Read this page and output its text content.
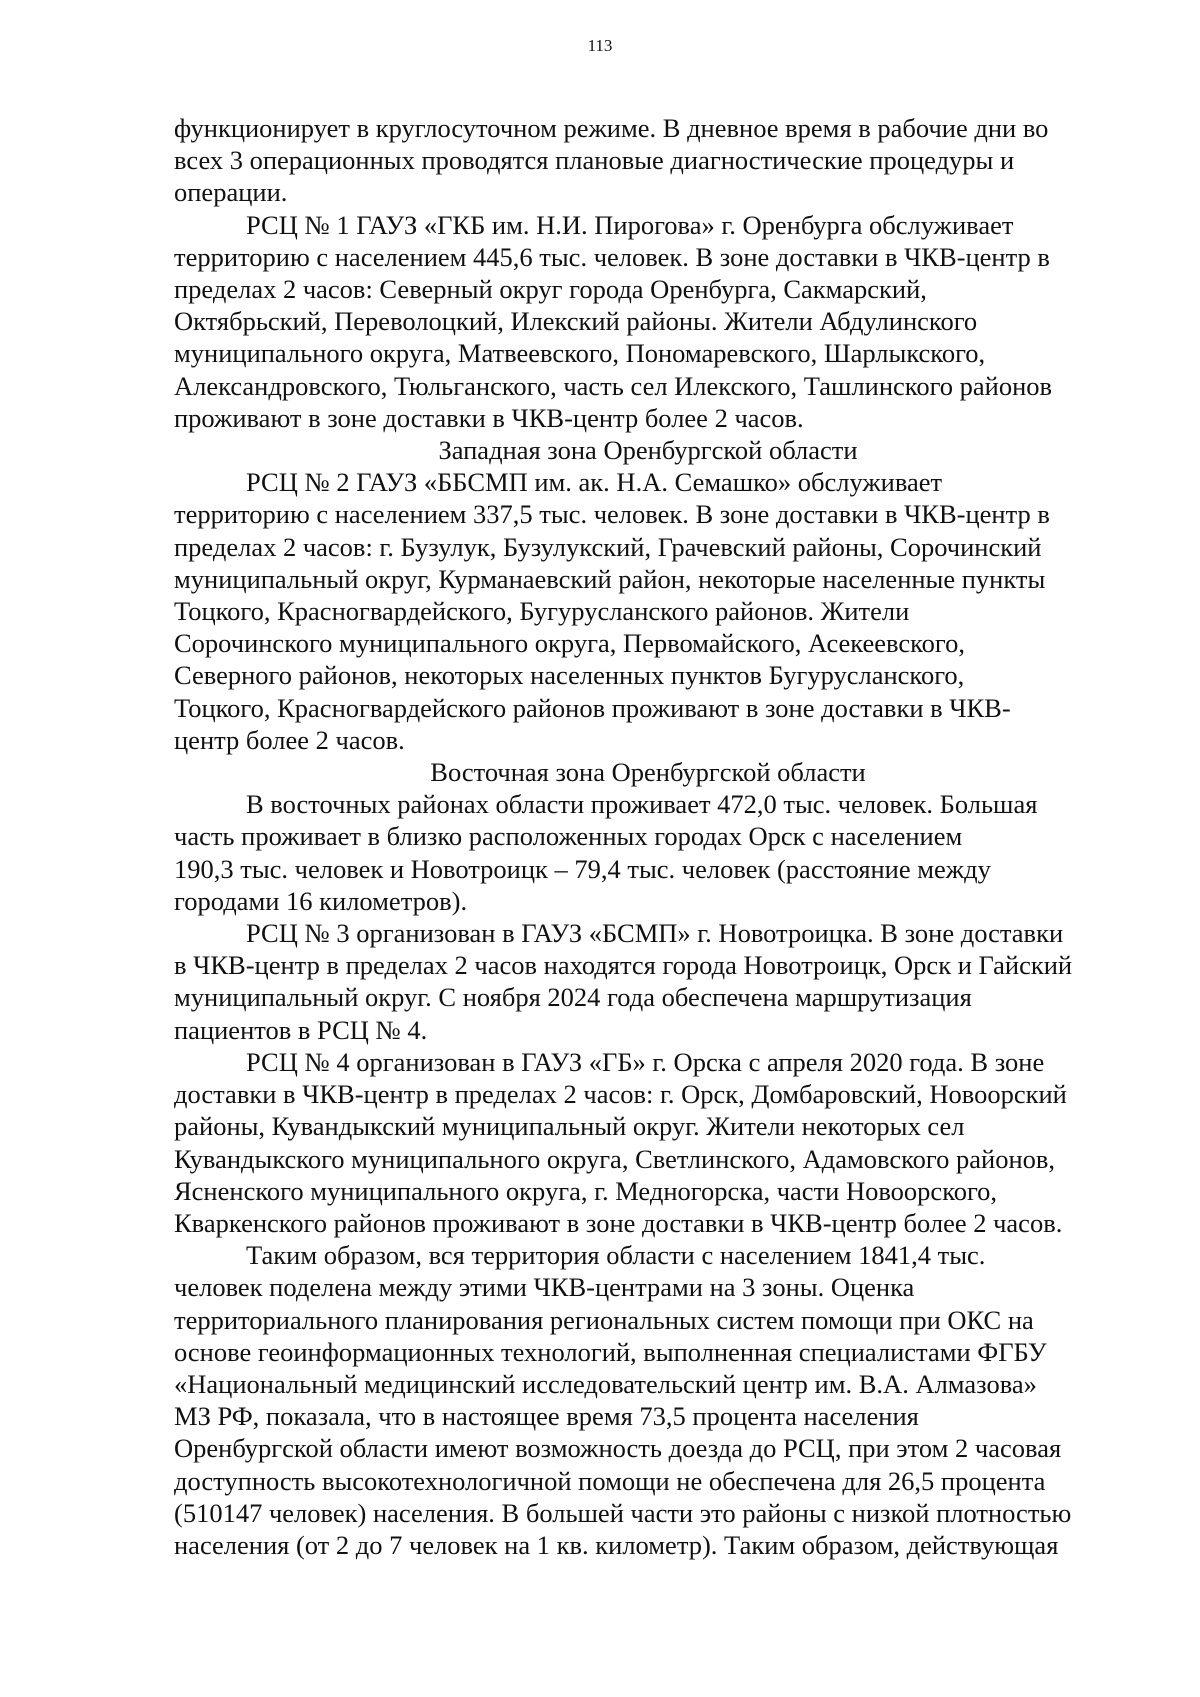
113
функционирует в круглосуточном режиме. В дневное время в рабочие дни во
всех 3 операционных проводятся плановые диагностические процедуры и
операции.
РСЦ № 1 ГАУЗ «ГКБ им. Н.И. Пирогова» г. Оренбурга обслуживает
территорию с населением 445,6 тыс. человек. В зоне доставки в ЧКВ-центр в
пределах 2 часов: Северный округ города Оренбурга, Сакмарский,
Октябрьский, Переволоцкий, Илекский районы. Жители Абдулинского
муниципального округа, Матвеевского, Пономаревского, Шарлыкского,
Александровского, Тюльганского, часть сел Илекского, Ташлинского районов
проживают в зоне доставки в ЧКВ-центр более 2 часов.
Западная зона Оренбургской области
РСЦ № 2 ГАУЗ «ББСМП им. ак. Н.А. Семашко» обслуживает
территорию с населением 337,5 тыс. человек. В зоне доставки в ЧКВ-центр в
пределах 2 часов: г. Бузулук, Бузулукский, Грачевский районы, Сорочинский
муниципальный округ, Курманаевский район, некоторые населенные пункты
Тоцкого, Красногвардейского, Бугурусланского районов. Жители
Сорочинского муниципального округа, Первомайского, Асекеевского,
Северного районов, некоторых населенных пунктов Бугурусланского,
Тоцкого, Красногвардейского районов проживают в зоне доставки в ЧКВ-
центр более 2 часов.
Восточная зона Оренбургской области
В восточных районах области проживает 472,0 тыс. человек. Большая
часть проживает в близко расположенных городах Орск с населением
190,3 тыс. человек и Новотроицк – 79,4 тыс. человек (расстояние между
городами 16 километров).
РСЦ № 3 организован в ГАУЗ «БСМП» г. Новотроицка. В зоне доставки
в ЧКВ-центр в пределах 2 часов находятся города Новотроицк, Орск и Гайский
муниципальный округ. С ноября 2024 года обеспечена маршрутизация
пациентов в РСЦ № 4.
РСЦ № 4 организован в ГАУЗ «ГБ» г. Орска с апреля 2020 года. В зоне
доставки в ЧКВ-центр в пределах 2 часов: г. Орск, Домбаровский, Новоорский
районы, Кувандыкский муниципальный округ. Жители некоторых сел
Кувандыкского муниципального округа, Светлинского, Адамовского районов,
Ясненского муниципального округа, г. Медногорска, части Новоорского,
Кваркенского районов проживают в зоне доставки в ЧКВ-центр более 2 часов.
Таким образом, вся территория области с населением 1841,4 тыс.
человек поделена между этими ЧКВ-центрами на 3 зоны. Оценка
территориального планирования региональных систем помощи при ОКС на
основе геоинформационных технологий, выполненная специалистами ФГБУ
«Национальный медицинский исследовательский центр им. В.А. Алмазова»
МЗ РФ, показала, что в настоящее время 73,5 процента населения
Оренбургской области имеют возможность доезда до РСЦ, при этом 2 часовая
доступность высокотехнологичной помощи не обеспечена для 26,5 процента
(510147 человек) населения. В большей части это районы с низкой плотностью
населения (от 2 до 7 человек на 1 кв. километр). Таким образом, действующая
